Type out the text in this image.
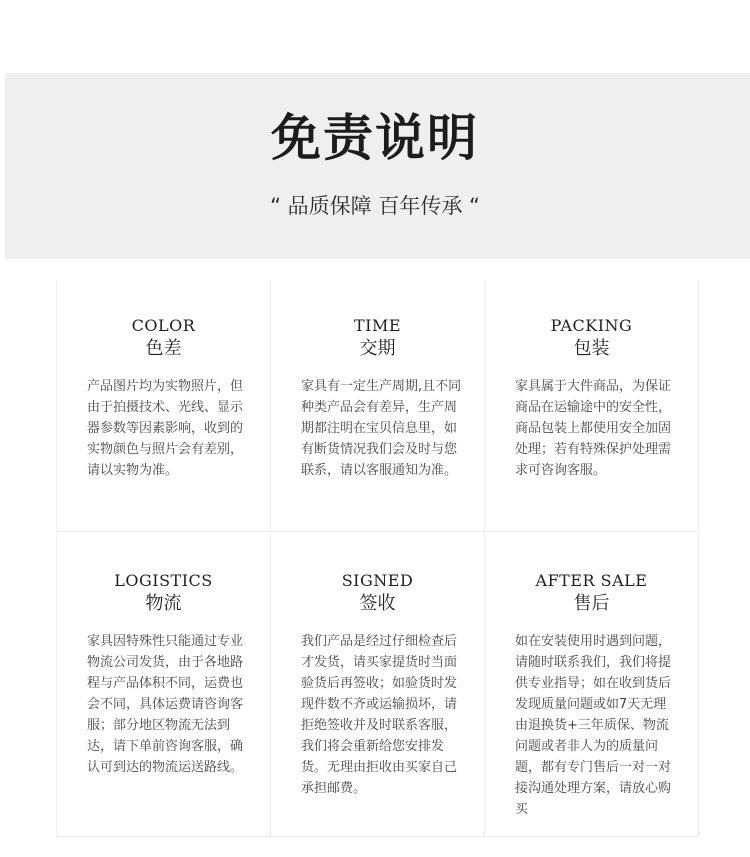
免责说明
“ 品质保障 百年传承 “
COLOR
色差
产品图片均为实物照片，但由于拍摄技术、光线、显示器参数等因素影响，收到的实物颜色与照片会有差别，请以实物为准。
TIME
交期
家具有一定生产周期,且不同种类产品会有差异，生产周期都注明在宝贝信息里，如有断货情况我们会及时与您联系，请以客服通知为准。
PACKING
包装
家具属于大件商品，为保证商品在运输途中的安全性，商品包装上都使用安全加固处理；若有特殊保护处理需求可咨询客服。
LOGISTICS
物流
家具因特殊性只能通过专业物流公司发货，由于各地路程与产品体积不同，运费也会不同，具体运费请咨询客服；部分地区物流无法到达，请下单前咨询客服，确认可到达的物流运送路线。
SIGNED
签收
我们产品是经过仔细检查后才发货，请买家提货时当面验货后再签收；如验货时发现件数不齐或运输损坏，请拒绝签收并及时联系客服，我们将会重新给您安排发货。无理由拒收由买家自己承担邮费。
AFTER SALE
售后
如在安装使用时遇到问题，请随时联系我们，我们将提供专业指导；如在收到货后发现质量问题或如7天无理由退换货+三年质保、物流问题或者非人为的质量问题，都有专门售后一对一对接沟通处理方案，请放心购买
